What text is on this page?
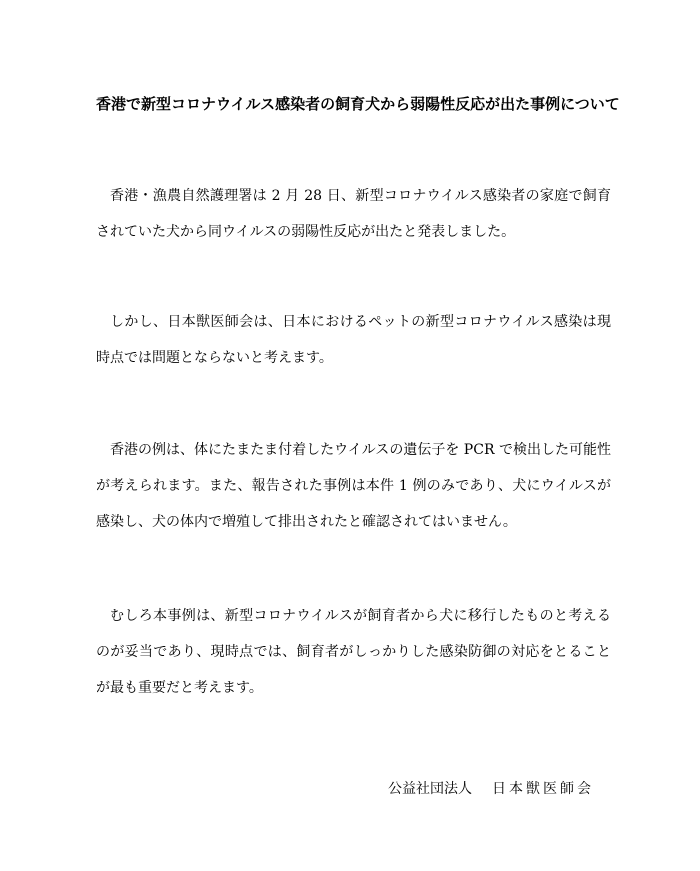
香港で新型コロナウイルス感染者の飼育犬から弱陽性反応が出た事例について

香港・漁農自然護理署は 2 月 28 日、新型コロナウイルス感染者の家庭で飼育されていた犬から同ウイルスの弱陽性反応が出たと発表しました。

しかし、日本獣医師会は、日本におけるペットの新型コロナウイルス感染は現時点では問題とならないと考えます。

香港の例は、体にたまたま付着したウイルスの遺伝子を PCR で検出した可能性が考えられます。また、報告された事例は本件 1 例のみであり、犬にウイルスが感染し、犬の体内で増殖して排出されたと確認されてはいません。

むしろ本事例は、新型コロナウイルスが飼育者から犬に移行したものと考えるのが妥当であり、現時点では、飼育者がしっかりした感染防御の対応をとることが最も重要だと考えます。

公益社団法人 日本獣医師会
